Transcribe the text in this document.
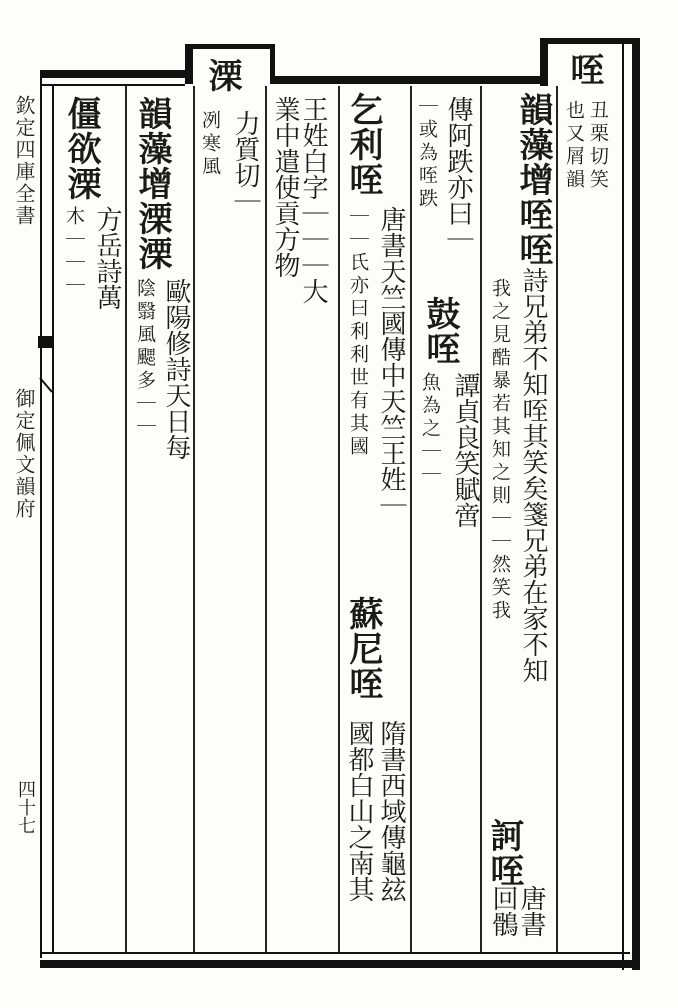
欽定四庫全書
御定佩文韻府
四十七
咥
溧
丑栗切笑
也又屑韻
韻藻增咥咥詩兄弟不知咥其笑矣箋兄弟在家不知
我之見酷暴若其知之則｜｜然笑我
訶咥
唐書
回鶻
傳阿跌亦曰｜
｜或為咥跌
鼓咥
譚貞良笑賦啻
魚為之｜｜
乞利咥
唐書天竺國傳中天竺王姓｜
蘇尼咥
隋書西域傳龜玆
｜｜氏亦曰利利世有其國
國都白山之南其
王姓白字｜｜｜大
業中遣使貢方物
力質切｜
冽寒風
韻藻增溧溧
歐陽修詩天日每
陰翳風颸多｜｜
僵欲溧
方岳詩萬
木｜｜｜
